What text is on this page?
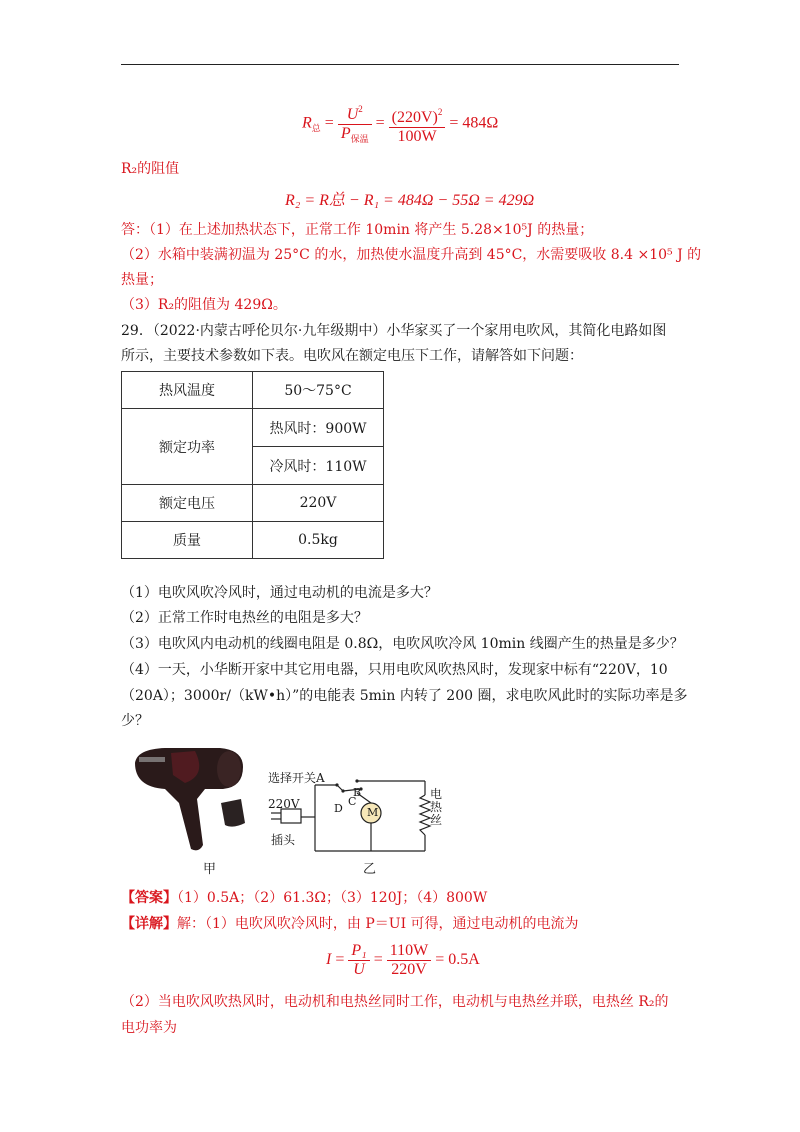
$R_总 = \frac{U^2}{P_{保温}} = \frac{(220V)^2}{100W} = 484\Omega$
R₂的阻值
R₂ = R总 − R₁ = 484Ω − 55Ω = 429Ω
答：（1）在上述加热状态下，正常工作 10min 将产生 5.28×10⁵J 的热量；
（2）水箱中装满初温为 25°C 的水，加热使水温度升高到 45°C，水需要吸收 8.4 ×10⁵ J 的
热量；
（3）R₂的阻值为 429Ω。
29．（2022·内蒙古呼伦贝尔·九年级期中）小华家买了一个家用电吹风，其简化电路如图
所示，主要技术参数如下表。电吹风在额定电压下工作，请解答如下问题：
热风温度	50～75°C
额定功率	热风时：900W
	冷风时：110W
额定电压	220V
质量	0.5kg
（1）电吹风吹冷风时，通过电动机的电流是多大？
（2）正常工作时电热丝的电阻是多大？
（3）电吹风内电动机的线圈电阻是 0.8Ω，电吹风吹冷风 10min 线圈产生的热量是多少？
（4）一天，小华断开家中其它用电器，只用电吹风吹热风时，发现家中标有“220V，10
（20A）；3000r/（kW•h）”的电能表 5min 内转了 200 圈，求电吹风此时的实际功率是多
少？
甲
选择开关A
B
C
D
220V
插头
M
电热丝
乙
【答案】（1）0.5A；（2）61.3Ω；（3）120J；（4）800W
【详解】解：（1）电吹风吹冷风时，由 P＝UI 可得，通过电动机的电流为
$I = \frac{\text{P₁}}{U} = \frac{110W}{220V} = 0.5A$
（2）当电吹风吹热风时，电动机和电热丝同时工作，电动机与电热丝并联，电热丝 R₂的
电功率为
